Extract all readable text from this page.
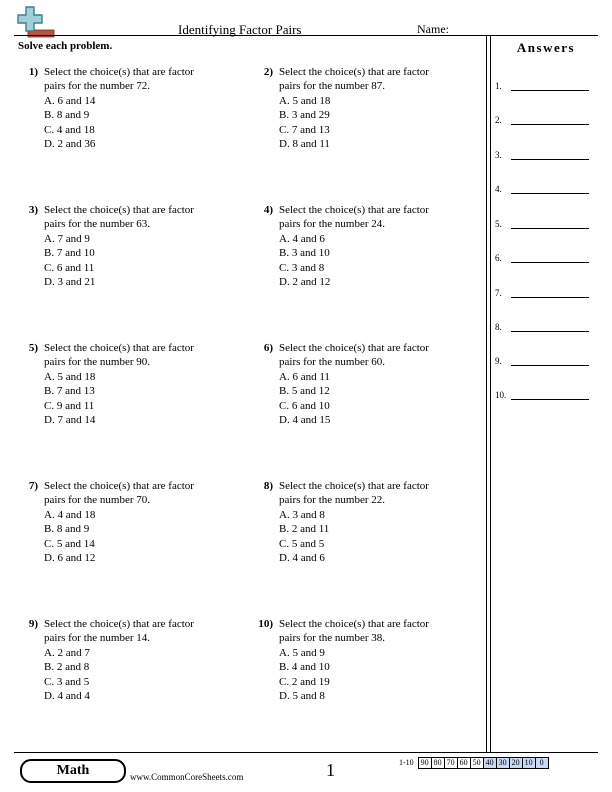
Identifying Factor Pairs	Name:
Solve each problem.	Answers
1.
2.
3.
4.
5.
6.
7.
8.
9.
10.
1) Select the choice(s) that are factor
pairs for the number 72.
A. 6 and 14
B. 8 and 9
C. 4 and 18
D. 2 and 36
2) Select the choice(s) that are factor
pairs for the number 87.
A. 5 and 18
B. 3 and 29
C. 7 and 13
D. 8 and 11
3) Select the choice(s) that are factor
pairs for the number 63.
A. 7 and 9
B. 7 and 10
C. 6 and 11
D. 3 and 21
4) Select the choice(s) that are factor
pairs for the number 24.
A. 4 and 6
B. 3 and 10
C. 3 and 8
D. 2 and 12
5) Select the choice(s) that are factor
pairs for the number 90.
A. 5 and 18
B. 7 and 13
C. 9 and 11
D. 7 and 14
6) Select the choice(s) that are factor
pairs for the number 60.
A. 6 and 11
B. 5 and 12
C. 6 and 10
D. 4 and 15
7) Select the choice(s) that are factor
pairs for the number 70.
A. 4 and 18
B. 8 and 9
C. 5 and 14
D. 6 and 12
8) Select the choice(s) that are factor
pairs for the number 22.
A. 3 and 8
B. 2 and 11
C. 5 and 5
D. 4 and 6
9) Select the choice(s) that are factor
pairs for the number 14.
A. 2 and 7
B. 2 and 8
C. 3 and 5
D. 4 and 4
10) Select the choice(s) that are factor
pairs for the number 38.
A. 5 and 9
B. 4 and 10
C. 2 and 19
D. 5 and 8
Math	www.CommonCoreSheets.com	1	1-10 90 80 70 60 50 40 30 20 10 0
